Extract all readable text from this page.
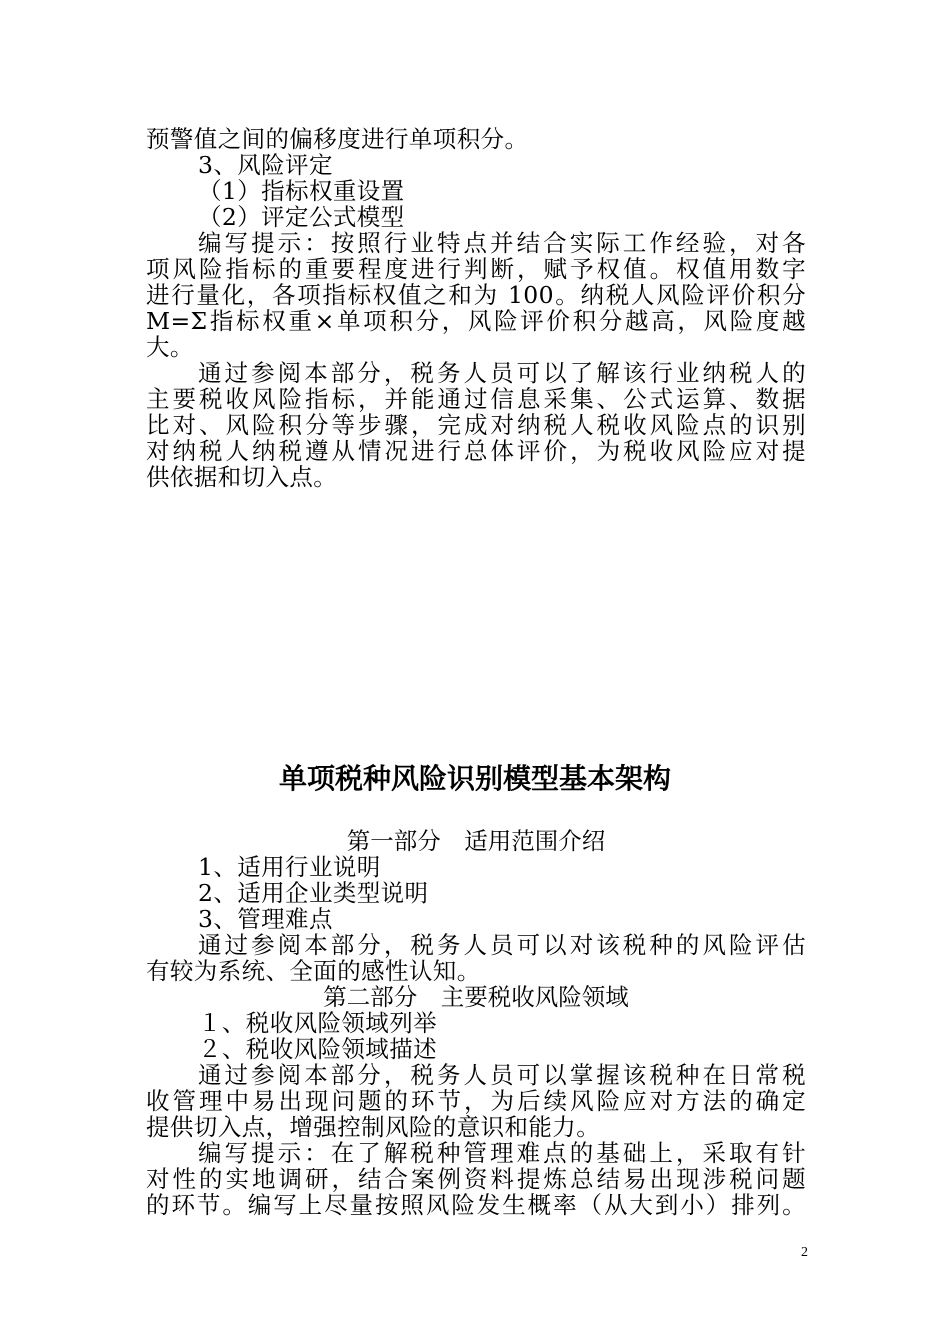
预警值之间的偏移度进行单项积分。
3、风险评定
（1）指标权重设置
（2）评定公式模型
编写提示：按照行业特点并结合实际工作经验，对各
项风险指标的重要程度进行判断，赋予权值。权值用数字
进行量化，各项指标权值之和为 100。纳税人风险评价积分
M=Σ指标权重×单项积分，风险评价积分越高，风险度越
大。
通过参阅本部分，税务人员可以了解该行业纳税人的
主要税收风险指标，并能通过信息采集、公式运算、数据
比对、风险积分等步骤，完成对纳税人税收风险点的识别
对纳税人纳税遵从情况进行总体评价，为税收风险应对提
供依据和切入点。
单项税种风险识别模型基本架构
第一部分　适用范围介绍
1、适用行业说明
2、适用企业类型说明
3、管理难点
通过参阅本部分，税务人员可以对该税种的风险评估
有较为系统、全面的感性认知。
第二部分　主要税收风险领域
１、税收风险领域列举
２、税收风险领域描述
通过参阅本部分，税务人员可以掌握该税种在日常税
收管理中易出现问题的环节，为后续风险应对方法的确定
提供切入点，增强控制风险的意识和能力。
编写提示：在了解税种管理难点的基础上，采取有针
对性的实地调研，结合案例资料提炼总结易出现涉税问题
的环节。编写上尽量按照风险发生概率（从大到小）排列。
2
